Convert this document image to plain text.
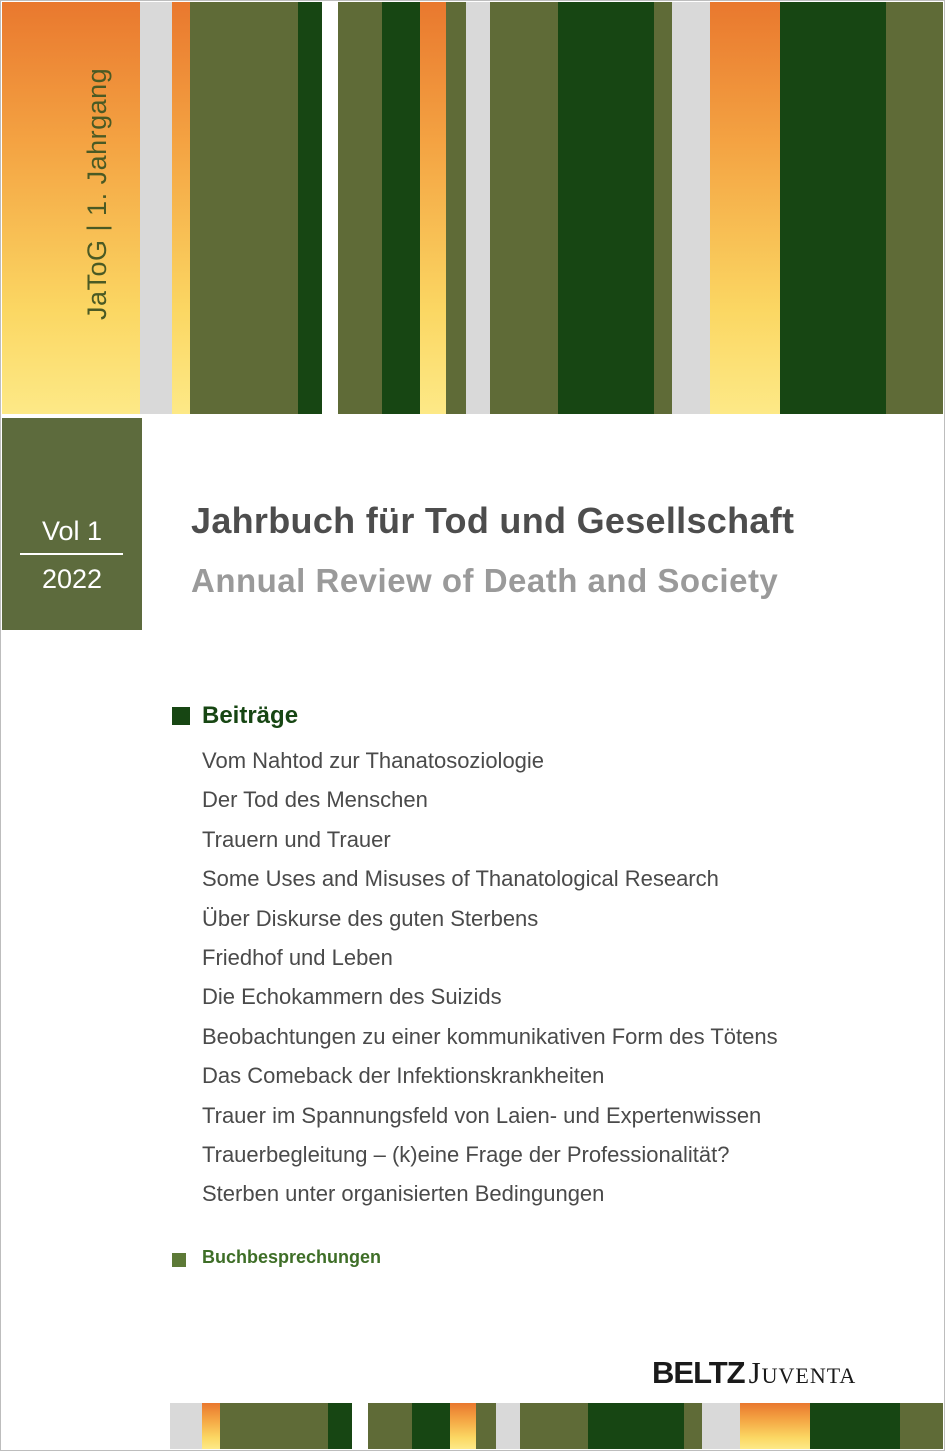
JaToG | 1. Jahrgang
Vol 1
2022
Jahrbuch für Tod und Gesellschaft
Annual Review of Death and Society
Beiträge
Vom Nahtod zur Thanatosoziologie
Der Tod des Menschen
Trauern und Trauer
Some Uses and Misuses of Thanatological Research
Über Diskurse des guten Sterbens
Friedhof und Leben
Die Echokammern des Suizids
Beobachtungen zu einer kommunikativen Form des Tötens
Das Comeback der Infektionskrankheiten
Trauer im Spannungsfeld von Laien- und Expertenwissen
Trauerbegleitung – (k)eine Frage der Professionalität?
Sterben unter organisierten Bedingungen
Buchbesprechungen
BELTZ Juventa
